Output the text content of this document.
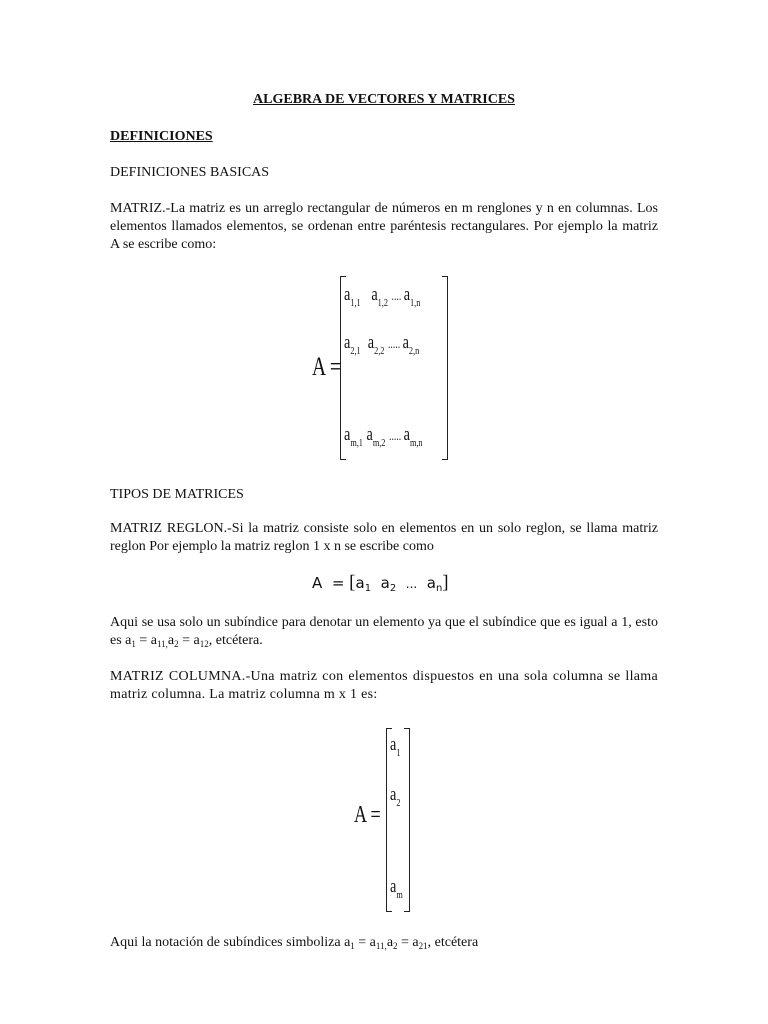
ALGEBRA DE VECTORES Y MATRICES
DEFINICIONES
DEFINICIONES BASICAS
MATRIZ.-La matriz es un arreglo rectangular de números en m renglones y n en columnas. Los elementos llamados elementos, se ordenan entre paréntesis rectangulares. Por ejemplo la matriz A se escribe como:
A =
$a_{1,1}$ $a_{1,2}$ .... $a_{1,n}$
$a_{2,1}$ $a_{2,2}$ ..... $a_{2,n}$
$a_{m,1}$ $a_{m,2}$ ..... $a_{m,n}$
TIPOS DE MATRICES
MATRIZ REGLON.-Si la matriz consiste solo en elementos en un solo reglon, se llama matriz reglon Por ejemplo la matriz reglon 1 x n se escribe como
$A = [a_1$ $a_2$ ... $a_n$]
Aqui se usa solo un subíndice para denotar un elemento ya que el subíndice que es igual a 1, esto es $a_1 = a_{11,}a_2 = a_{12}$, etcétera.
MATRIZ COLUMNA.-Una matriz con elementos dispuestos en una sola columna se llama matriz columna. La matriz columna m x 1 es:
A =
$a_1$
$a_2$
$a_m$
Aqui la notación de subíndices simboliza $a_1 = a_{11,}a_2 = a_{21}$, etcétera
